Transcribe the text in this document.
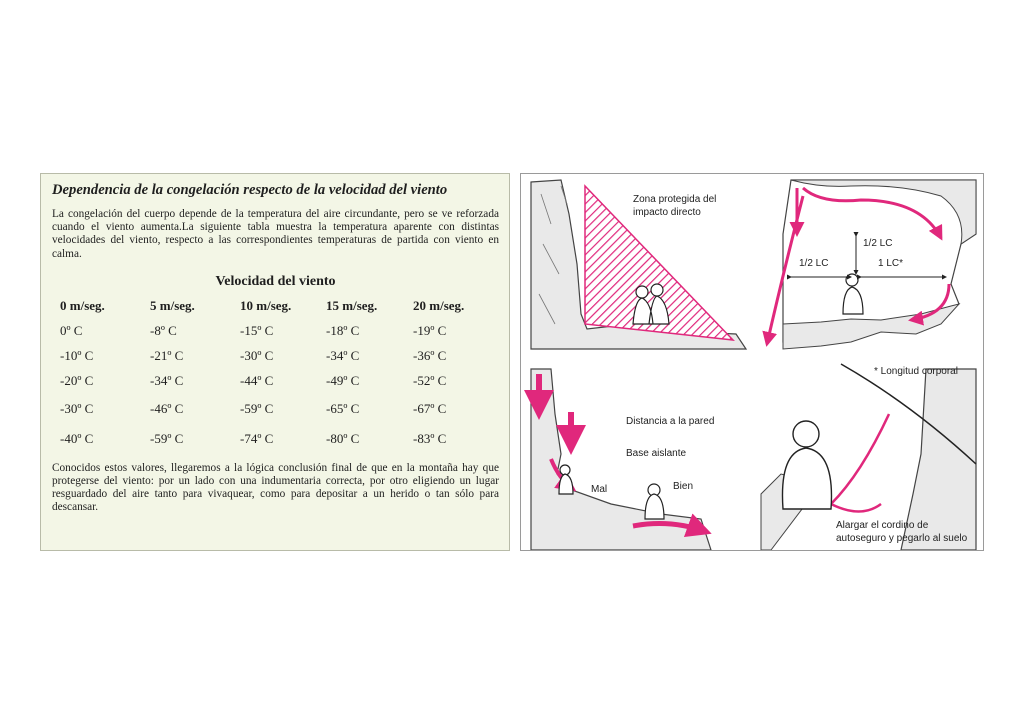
Dependencia de la congelación respecto de la velocidad del viento

La congelación del cuerpo depende de la temperatura del aire circundante, pero se ve reforzada cuando el viento aumenta.La siguiente tabla muestra la temperatura aparente con distintas velocidades del viento, respecto a las correspondientes temperaturas de partida con viento en calma.

Velocidad del viento
0 m/seg.	5 m/seg.	10 m/seg.	15 m/seg.	20 m/seg.
0º C	-8º C	-15º C	-18º C	-19º C
-10º C	-21º C	-30º C	-34º C	-36º C
-20º C	-34º C	-44º C	-49º C	-52º C
-30º C	-46º C	-59º C	-65º C	-67º C
-40º C	-59º C	-74º C	-80º C	-83º C

Conocidos estos valores, llegaremos a la lógica conclusión final de que en la montaña hay que protegerse del viento: por un lado con una indumentaria correcta, por otro eligiendo un lugar resguardado del aire tanto para vivaquear, como para depositar a un herido o tan sólo para descansar.

Zona protegida del
impacto directo
1/2 LC
1/2 LC	1 LC*
Distancia a la pared
Base aislante
Mal	Bien
* Longitud corporal
Alargar el cordino de
autoseguro y pegarlo al suelo
